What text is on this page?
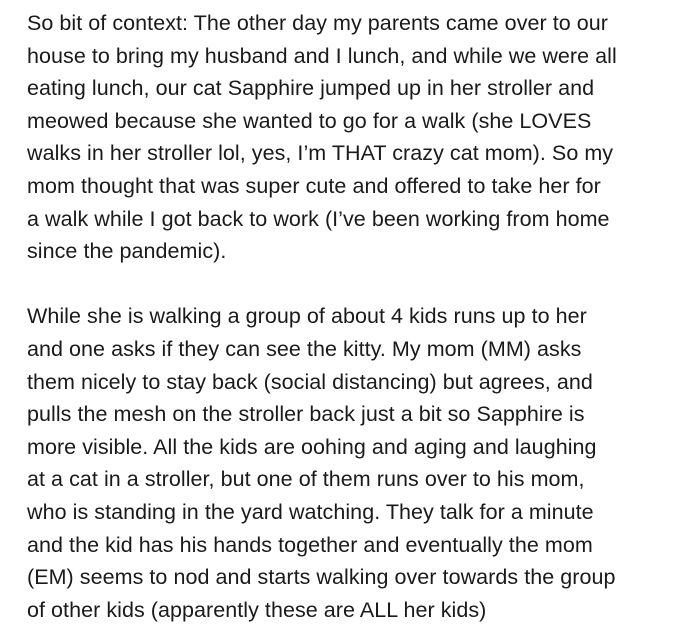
So bit of context: The other day my parents came over to our
house to bring my husband and I lunch, and while we were all
eating lunch, our cat Sapphire jumped up in her stroller and
meowed because she wanted to go for a walk (she LOVES
walks in her stroller lol, yes, I’m THAT crazy cat mom). So my
mom thought that was super cute and offered to take her for
a walk while I got back to work (I’ve been working from home
since the pandemic).
While she is walking a group of about 4 kids runs up to her
and one asks if they can see the kitty. My mom (MM) asks
them nicely to stay back (social distancing) but agrees, and
pulls the mesh on the stroller back just a bit so Sapphire is
more visible. All the kids are oohing and aging and laughing
at a cat in a stroller, but one of them runs over to his mom,
who is standing in the yard watching. They talk for a minute
and the kid has his hands together and eventually the mom
(EM) seems to nod and starts walking over towards the group
of other kids (apparently these are ALL her kids)
